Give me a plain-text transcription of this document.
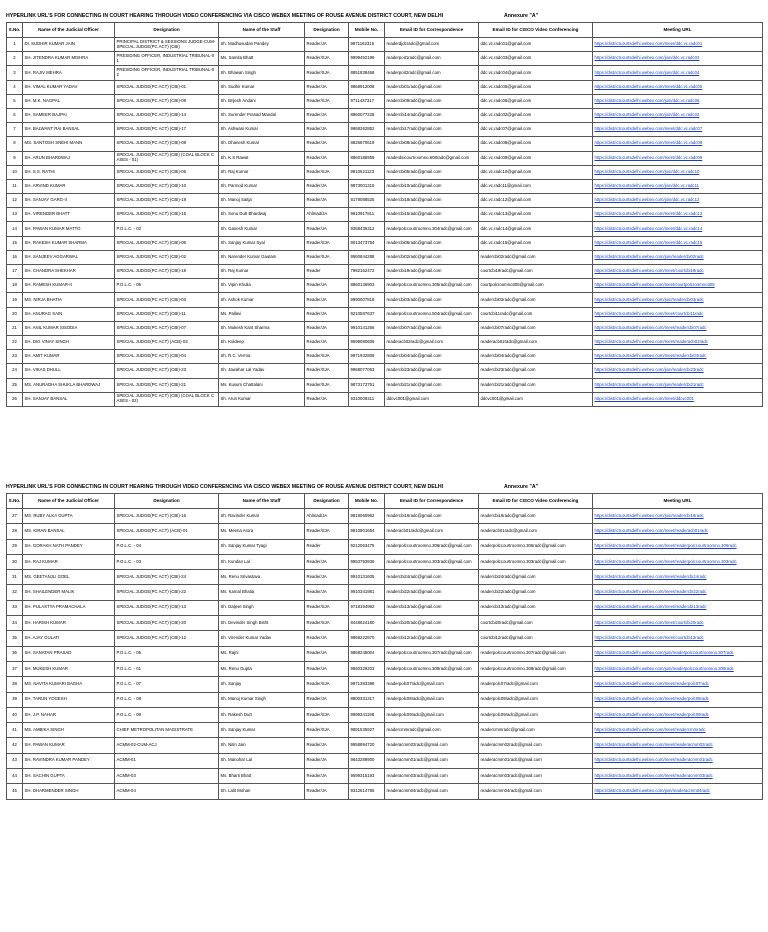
HYPERLINK URL'S FOR CONNECTING IN COURT HEARING THROUGH VIDEO CONFERENCING VIA CISCO WEBEX MEETING OF ROUSE AVENUE DISTRICT COURT, NEW DELHI	Annexure "A"
S.No.	Name of the Judicial Officer	Designation	Name of the Staff	Designation	Mobile No.	Email ID for Correspondence	Email ID for CISCO Video Conferencing	Meeting URL
1	Dr. SUDHIR KUMAR JAIN	PRINCIPAL DISTRICT & SESSIONS JUDGE-CUM-SPECIAL JUDGE(PC ACT) (CBI)	Sh. Madhusudan Pandey	Reader/JA	9871162315	readerdjdcradc@gmail.com	ddc.vc.radc01@gmail.com	https://districtcourtsdelhi.webex.com/meet/ddc.vc.radc01
2	SH. JITENDRA KUMAR MISHRA	PRESIDING OFFICER, INDUSTRIAL TRIBUNAL-01	Ms. Samita Bhatt	Reader/SJA	9999452199	readerpoit1radc@gmail.com	ddc.vc.radc03@gmail.com	https://districtcourtsdelhi.webex.com/join/ddc.vc.radc03
3	SH. RAJIV MEHRA	PRESIDING OFFICER, INDUSTRIAL TRIBUNAL-02	Sh. Bhawan Singh	Reader/SJA	8851838466	readerpoit2radc@gmail.com	ddc.vc.radc04@gmail.com	https://districtcourtsdelhi.webex.com/join/ddc.vc.radc04
4	SH. VIMAL KUMAR YADAV	SPECIAL JUDGE(PC ACT) (CBI)-01	Sh. Sudhir Kumar	Reader/JA	9868912008	readercbi01radc@gmail.com	ddc.vc.radc05@gmail.com	https://districtcourtsdelhi.webex.com/meet/ddc.vc.radc05
5	SH. M.K. NAGPAL	SPECIAL JUDGE(PC ACT) (CBI)-09	Sh. Brijesh Andani	Reader/SJA	9711437317	readercbi09radc@gmail.com	ddc.vc.radc06@gmail.com	https://districtcourtsdelhi.webex.com/join/ddc.vc.radc06
6	SH. SAMEER BAJPAI	SPECIAL JUDGE(PC ACT) (CBI)-14	Sh. Surender Prasad Mandal	Reader/JA	8860077228	readercbi14radc@gmail.com	ddc.vc.radc02@gmail.com	https://districtcourtsdelhi.webex.com/join/ddc.vc.radc02
7	SH. BALWANT RAI BANSAL	SPECIAL JUDGE(PC ACT) (CBI)-17	Sh. Ashwani Kumar	Reader/JA	9968262852	readercbi17radc@gmail.com	ddc.vc.radc07@gmail.com	https://districtcourtsdelhi.webex.com/meet/ddc.vc.radc07
8	MS. SANTOSH SNEHI MANN	SPECIAL JUDGE(PC ACT) (CBI)-08	Sh. Dhanesh Kumar	Reader/JA	8826870619	readercbi08radc@gmail.com	ddc.vc.radc08@gmail.com	https://districtcourtsdelhi.webex.com/meet/ddc.vc.radc08
9	SH. ARUN BHARDWAJ	SPECIAL JUDGE(PC ACT) (CBI) (COAL BLOCK CASES - 01)	Sh. K.S Rawat	Reader/JA	8860186959	readerdsicourtroomno.608radc@gmail.com	ddc.vc.radc09@gmail.com	https://districtcourtsdelhi.webex.com/meet/ddc.vc.radc09
10	SH. S.S. RATHI	SPECIAL JUDGE(PC ACT) (CBI)-05	Sh. Raj Kumar	Reader/SJA	9810521123	readercbi05radc@gmail.com	ddc.vc.radc10@gmail.com	https://districtcourtsdelhi.webex.com/join/ddc.vc.radc10
11	SH. ARVIND KUMAR	SPECIAL JUDGE(PC ACT) (CBI)-10	Sh. Parmod Kumar	Reader/JA	9873001315	readercbi10radc@gmail.com	ddc.vc.radc11@gmail.com	https://districtcourtsdelhi.webex.com/join/ddc.vc.radc11
12	SH. SANJAY GARG-II	SPECIAL JUDGE(PC ACT) (CBI)-18	Sh. Manoj Saitja	Reader/JA	8178088525	readercbi18radc@gmail.com	ddc.vc.radc12@gmail.com	https://districtcourtsdelhi.webex.com/join/ddc.vc.radc12
13	SH. VIRENDER BHATT	SPECIAL JUDGE(PC ACT) (CBI)-15	Sh. Sonu Dutt Bhardwaj	Ahlmad/JA	9810917811	readercbi15radc@gmail.com	ddc.vc.radc13@gmail.com	https://districtcourtsdelhi.webex.com/meet/ddc.vc.radc13
14	SH. PAWAN KUMAR MATTO	P.O.L.C. - 02	Sh. Ganesh Kumar	Reader/JA	9268436312	readerpolccourtroomno.304radc@gmail.com	ddc.vc.radc14@gmail.com	https://districtcourtsdelhi.webex.com/meet/ddc.vc.radc14
15	SH. RAKESH KUMAR SHARMA	SPECIAL JUDGE(PC ACT) (CBI)-06	Sh. Sanjay Kumar Syal	Reader/SJA	9013473754	readercbi06radc@gmail.com	ddc.vc.radc15@gmail.com	https://districtcourtsdelhi.webex.com/meet/ddc.vc.radc15
16	SH. SANJEEV AGGARWAL	SPECIAL JUDGE(PC ACT) (CBI)-02	Sh. Narender Kumar Gautam	Reader/SJA	9560844288	readercbi02radc@gmail.com	readercbi02radc@gmail.com	https://districtcourtsdelhi.webex.com/join/readercbi02radc
17	SH. CHANDRA SHEKHAR	SPECIAL JUDGE(PC ACT) (CBI)-19	Sh. Raj Kumar	Reader	7982152472	readercbi19radc@gmail.com	courtcbi19radc@gmail.com	https://districtcourtsdelhi.webex.com/meet/courtcbi19radc
18	SH. RAMESH KUMAR-II	P.O.L.C. - 06	Sh. Vipin Khulia	Reader/JA	8860136903	readerpolccourtroomno.305radc@gmail.com	courtpolcroomno305@gmail.com	https://districtcourtsdelhi.webex.com/meet/courtpolcroomno305
19	MS. NIRJA BHATIA	SPECIAL JUDGE(PC ACT) (CBI)-03	Sh. Ashok Kumar	Reader/JA	9990007818	readercbi03radc@gmail.com	readercbi03radc@gmail.com	https://districtcourtsdelhi.webex.com/join/readercbi03radc
20	SH. ANURAG SAIN	SPECIAL JUDGE(PC ACT) (CBI)-11	Ms. Pallavi	Reader/JA	9210587637	readerpolccourtroomno.504radc@gmail.com	courtcbi11radc@gmail.com	https://districtcourtsdelhi.webex.com/meet/courtcbi11radc
21	SH. ANIL KUMAR SISODIA	SPECIAL JUDGE(PC ACT) (CBI)-07	Sh. Mukesh Kant Sharma	Reader/JA	9910141266	readercbi07radc@gmail.com	readercbi07radc@gmail.com	https://districtcourtsdelhi.webex.com/meet/readercbi07radc
22	SH. DIG VINAY SINGH	SPECIAL JUDGE(PC ACT) (ACB)-02	Sh. Kuldeep	Reader/JA	9599080606	readeracb02radc@gmail.com	readeracb02radc@gmail.com	https://districtcourtsdelhi.webex.com/meet/readeracb02radc
23	SH. AMIT KUMAR	SPECIAL JUDGE(PC ACT) (CBI)-04	Sh. R.C. Verma	Reader/SJA	9971932808	readercbi04radc@gmail.com	readercbi04radc@gmail.com	https://districtcourtsdelhi.webex.com/meet/readercbi04radc
24	SH. VIKAS DHULL	SPECIAL JUDGE(PC ACT) (CBI)-23	Sh. Jawahar Lal Yadav	Reader/SJA	9968077063	readercbi23radc@gmail.com	readercbi23radc@gmail.com	https://districtcourtsdelhi.webex.com/join/readercbi23radc
25	MS. ANURADHA SHUKLA BHARDWAJ	SPECIAL JUDGE(PC ACT) (CBI)-21	Ms. Kusum Chattalani	Reader/SJA	9873173751	readercbi21radc@gmail.com	readercbi21radc@gmail.com	https://districtcourtsdelhi.webex.com/join/readercbi21radc
26	SH. SANJAY BANSAL	SPECIAL JUDGE(PC ACT) (CBI) (COAL BLOCK CASES - 02)	Sh. Arun Kumar	Reader/JA	9310009311	ddcvc001@gmail.com	ddcvc001@gmail.com	https://districtcourtsdelhi.webex.com/meet/ddcvc001
HYPERLINK URL'S FOR CONNECTING IN COURT HEARING THROUGH VIDEO CONFERENCING VIA CISCO WEBEX MEETING OF ROUSE AVENUE DISTRICT COURT, NEW DELHI	Annexure "A"
S.No.	Name of the Judicial Officer	Designation	Name of the Staff	Designation	Mobile No.	Email ID for Correspondence	Email ID for CISCO Video Conferencing	Meeting URL
27	MS. RUBY ALKA GUPTA	SPECIAL JUDGE(PC ACT) (CBI)-16	Sh. Ravinder Kumar	Ahlmad/JA	9818060962	readercbi16radc@gmail.com	readercbi16radc@gmail.com	https://districtcourtsdelhi.webex.com/join/readercbi16radc
28	MS. KIRAN BANSAL	SPECIAL JUDGE(PC ACT) (ACB)-01	Ms. Meena Arora	Reader/SJA	9810901654	readeracb01radc@gmail.com	readeracb01radc@gmail.com	https://districtcourtsdelhi.webex.com/meet/readeracb01radc
29	SH. GORAKH NATH PANDEY	P.O.L.C. - 04	Sh. Sanjay Kumar Tyagi	Reader	9212063475	readerpolccourtroomno.306radc@gmail.com	readerpolccourtroomno.306radc@gmail.com	https://districtcourtsdelhi.webex.com/meet/readerpolccourtroomno.306radc
30	SH. RAJ KUMAR	P.O.L.C. - 03	Sh. Kundan Lal	Reader/JA	9953793936	readerpolccourtroomno.303radc@gmail.com	readerpolccourtroomno.303radc@gmail.com	https://districtcourtsdelhi.webex.com/meet/readerpolccourtroomno.303radc
31	MS. GEETANJLI GOEL	SPECIAL JUDGE(PC ACT) (CBI)-24	Ms. Renu Srivastava	Reader/JA	9910131605	readercbi24radc@gmail.com	readercbi24radc@gmail.com	https://districtcourtsdelhi.webex.com/meet/readercbi24radc
32	SH. SHAILENDER MALIK	SPECIAL JUDGE(PC ACT) (CBI)-22	Ms. Kamal Bhatia	Reader/JA	9910341981	readercbi22radc@gmail.com	readercbi22radc@gmail.com	https://districtcourtsdelhi.webex.com/meet/readercbi22radc
33	SH. PULASTYA PRAMACHALA	SPECIAL JUDGE(PC ACT) (CBI)-13	Sh. Daljeet Singh	Reader/SJA	9718194992	readercbi13radc@gmail.com	readercbi13radc@gmail.com	https://districtcourtsdelhi.webex.com/meet/readercbi13radc
34	SH. HARISH KUMAR	SPECIAL JUDGE(PC ACT) (CBI)-20	Sh. Devinder Singh Bisht	Reader/SJA	8448624180	readercbi20radc@gmail.com	courtcbi20radc@gmail.com	https://districtcourtsdelhi.webex.com/meet/courtcbi20radc
35	SH. AJAY GULATI	SPECIAL JUDGE(PC ACT) (CBI)-12	Sh. Virender Kumar Yadav	Reader/JA	9868222870	readercbi12radc@gmail.com	courtcbi12radc@gmail.com	https://districtcourtsdelhi.webex.com/meet/courtcbi12radc
36	SH. SANATAN PRASAD	P.O.L.C. - 05	Ms. Rajni	Reader/JA	9868245004	readerpolccourtroomno.307radc@gmail.com	readerpolccourtroomno.307radc@gmail.com	https://districtcourtsdelhi.webex.com/join/readerpolccourtroomno.307radc
37	SH. MUKESH KUMAR	P.O.L.C. - 01	Ms. Renu Gupta	Reader/JA	9560329203	readerpolccourtroomno.308radc@gmail.com	readerpolccourtroomno.308radc@gmail.com	https://districtcourtsdelhi.webex.com/join/readerpolccourtroomno.308radc
38	MS. NAVITA KUMARI BAGHA	P.O.L.C. - 07	Sh. Sanjay	Reader/SJA	9971383398	readerpolc07radc@gmail.com	readerpolc07radc@gmail.com	https://districtcourtsdelhi.webex.com/meet/readerpolc07radc
39	SH. TARUN YOGESH	P.O.L.C. - 08	Sh. Manoj Kumar Singh	Reader/JA	8800331317	readerpolc08radc@gmail.com	readerpolc08radc@gmail.com	https://districtcourtsdelhi.webex.com/meet/readerpolc08radc
40	SH. J.P. NAHAR	P.O.L.C. - 09	Sh. Rakesh Dutt	Reader/SJA	9999341198	readerpolc09radc@gmail.com	readerpolc09radc@gmail.com	https://districtcourtsdelhi.webex.com/meet/readerpolc09radc
41	MS. AMBIKA SINGH	CHIEF METROPOLITAN MAGISTRATE	Sh. Sanjay Kumar	Reader/SJA	9891535927	readercmmradc@gmail.com	readercmmradc@gmail.com	https://districtcourtsdelhi.webex.com/meet/readercmmradc
42	SH. PAWAN KUMAR	ACMM-02-CUM-ACJ	Sh. Nitin Jain	Reader/JA	9958894720	readeracmm02radc@gmail.com	readeracmm02radc@gmail.com	https://districtcourtsdelhi.webex.com/meet/readeracmm02radc
43	SH. RAVINDRA KUMAR PANDEY	ACMM-01	Sh. Manohar Lal	Reader/JA	9643289900	readeracmm01radc@gmail.com	readeracmm01radc@gmail.com	https://districtcourtsdelhi.webex.com/meet/readeracmm01radc
44	SH. SACHIN GUPTA	ACMM-03	Ms. Bharti Bhatt	Reader/JA	9599315193	readeracmm03radc@gmail.com	readeracmm03radc@gmail.com	https://districtcourtsdelhi.webex.com/meet/readeracmm03radc
45	SH. DHARMENDER SINGH	ACMM-04	Sh. Lalit Mohan	Reader/JA	9312614785	readeracmm04radc@gmail.com	readeracmm04radc@gmail.com	https://districtcourtsdelhi.webex.com/join/readeracmm04radc
